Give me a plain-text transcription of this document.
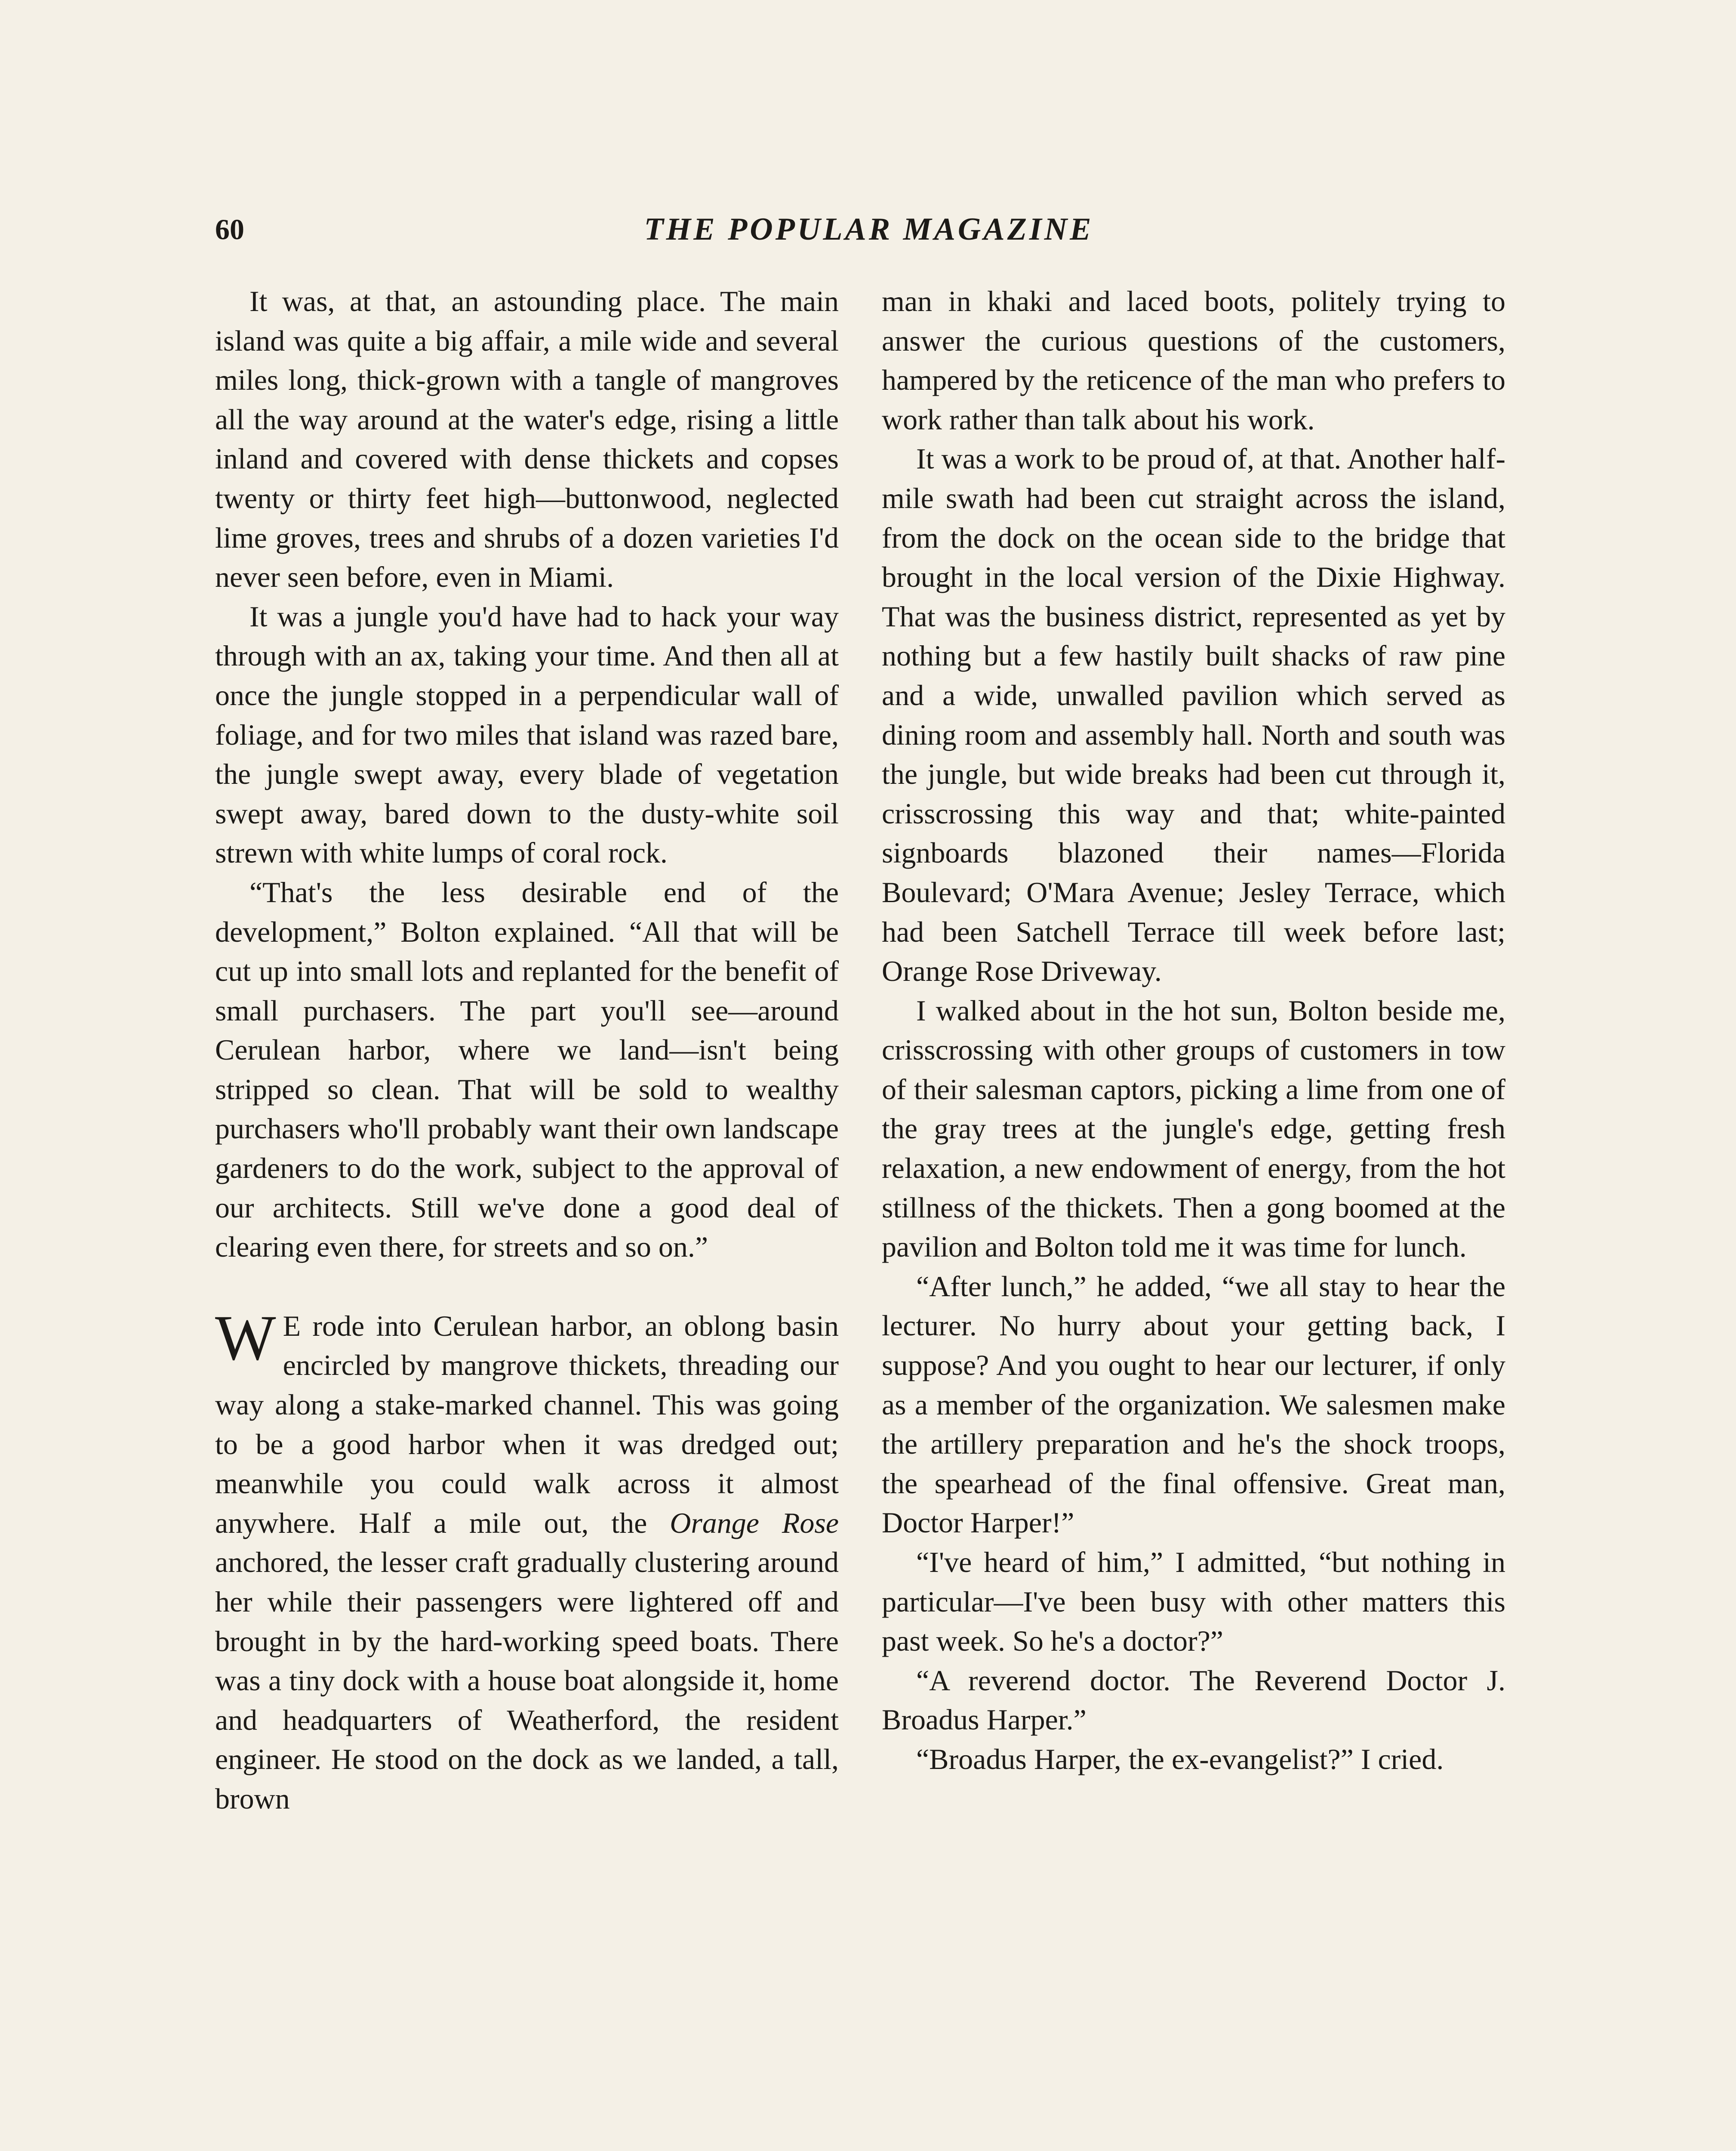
60	THE POPULAR MAGAZINE

It was, at that, an astounding place. The main island was quite a big affair, a mile wide and several miles long, thick-grown with a tangle of mangroves all the way around at the water's edge, rising a little inland and covered with dense thickets and copses twenty or thirty feet high—buttonwood, neglected lime groves, trees and shrubs of a dozen varieties I'd never seen before, even in Miami.

It was a jungle you'd have had to hack your way through with an ax, taking your time. And then all at once the jungle stopped in a perpendicular wall of foliage, and for two miles that island was razed bare, the jungle swept away, every blade of vegetation swept away, bared down to the dusty-white soil strewn with white lumps of coral rock.

“That's the less desirable end of the development,” Bolton explained. “All that will be cut up into small lots and replanted for the benefit of small purchasers. The part you'll see—around Cerulean harbor, where we land—isn't being stripped so clean. That will be sold to wealthy purchasers who'll probably want their own landscape gardeners to do the work, subject to the approval of our architects. Still we've done a good deal of clearing even there, for streets and so on.”

W E rode into Cerulean harbor, an oblong basin encircled by mangrove thickets, threading our way along a stake-marked channel. This was going to be a good harbor when it was dredged out; meanwhile you could walk across it almost anywhere. Half a mile out, the Orange Rose anchored, the lesser craft gradually clustering around her while their passengers were lightered off and brought in by the hard-working speed boats. There was a tiny dock with a house boat alongside it, home and headquarters of Weatherford, the resident engineer. He stood on the dock as we landed, a tall, brown

man in khaki and laced boots, politely trying to answer the curious questions of the customers, hampered by the reticence of the man who prefers to work rather than talk about his work.

It was a work to be proud of, at that. Another half-mile swath had been cut straight across the island, from the dock on the ocean side to the bridge that brought in the local version of the Dixie Highway. That was the business district, represented as yet by nothing but a few hastily built shacks of raw pine and a wide, unwalled pavilion which served as dining room and assembly hall. North and south was the jungle, but wide breaks had been cut through it, crisscrossing this way and that; white-painted signboards blazoned their names—Florida Boulevard; O'Mara Avenue; Jesley Terrace, which had been Satchell Terrace till week before last; Orange Rose Driveway.

I walked about in the hot sun, Bolton beside me, crisscrossing with other groups of customers in tow of their salesman captors, picking a lime from one of the gray trees at the jungle's edge, getting fresh relaxation, a new endowment of energy, from the hot stillness of the thickets. Then a gong boomed at the pavilion and Bolton told me it was time for lunch.

“After lunch,” he added, “we all stay to hear the lecturer. No hurry about your getting back, I suppose? And you ought to hear our lecturer, if only as a member of the organization. We salesmen make the artillery preparation and he's the shock troops, the spearhead of the final offensive. Great man, Doctor Harper!”

“I've heard of him,” I admitted, “but nothing in particular—I've been busy with other matters this past week. So he's a doctor?”

“A reverend doctor. The Reverend Doctor J. Broadus Harper.”

“Broadus Harper, the ex-evangelist?” I cried.
